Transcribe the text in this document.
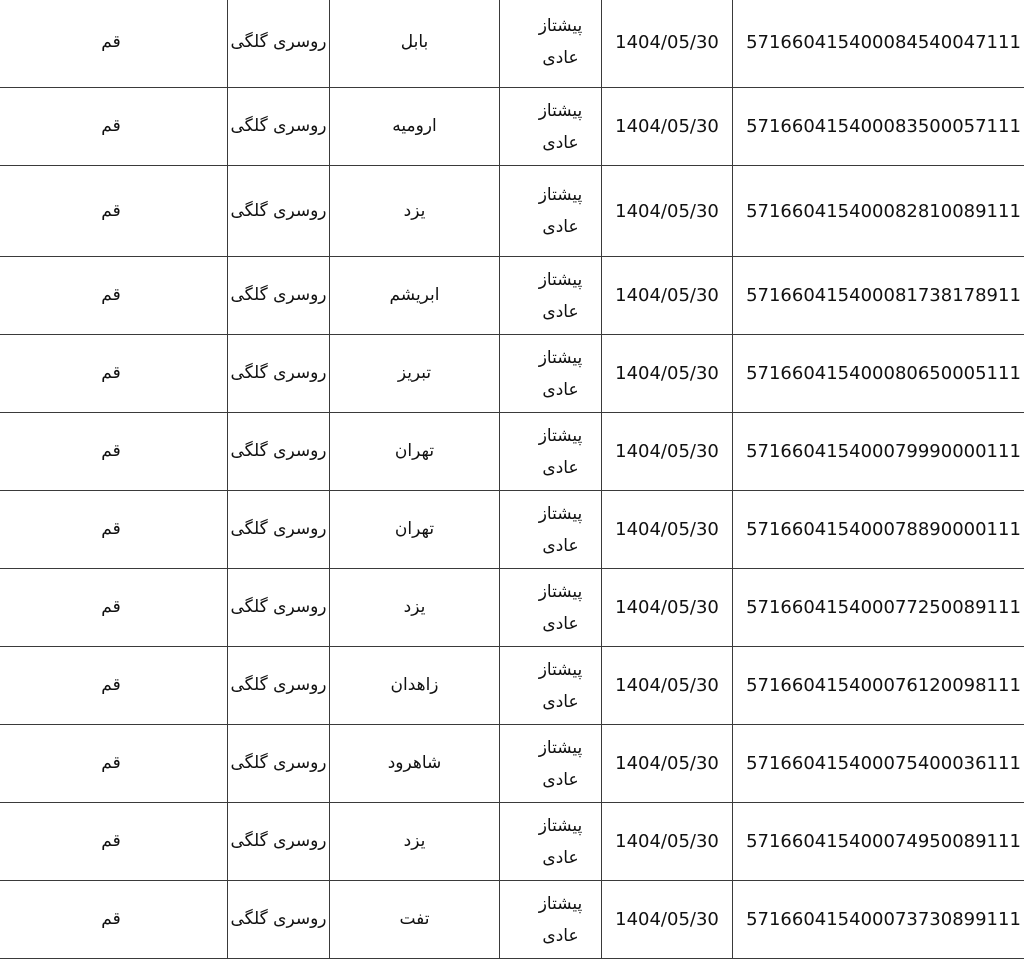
571660415400084540047111	1404/05/30	پیشتاز
عادی	بابل	روسری گلگی	قم	

571660415400083500057111	1404/05/30	پیشتاز
عادی	ارومیه	روسری گلگی	قم	

571660415400082810089111	1404/05/30	پیشتاز
عادی	یزد	روسری گلگی	قم	

571660415400081738178911	1404/05/30	پیشتاز
عادی	ابریشم	روسری گلگی	قم	

571660415400080650005111	1404/05/30	پیشتاز
عادی	تبریز	روسری گلگی	قم	

571660415400079990000111	1404/05/30	پیشتاز
عادی	تهران	روسری گلگی	قم	

571660415400078890000111	1404/05/30	پیشتاز
عادی	تهران	روسری گلگی	قم	

571660415400077250089111	1404/05/30	پیشتاز
عادی	یزد	روسری گلگی	قم	

571660415400076120098111	1404/05/30	پیشتاز
عادی	زاهدان	روسری گلگی	قم	

571660415400075400036111	1404/05/30	پیشتاز
عادی	شاهرود	روسری گلگی	قم	

571660415400074950089111	1404/05/30	پیشتاز
عادی	یزد	روسری گلگی	قم	

571660415400073730899111	1404/05/30	پیشتاز
عادی	تفت	روسری گلگی	قم	
